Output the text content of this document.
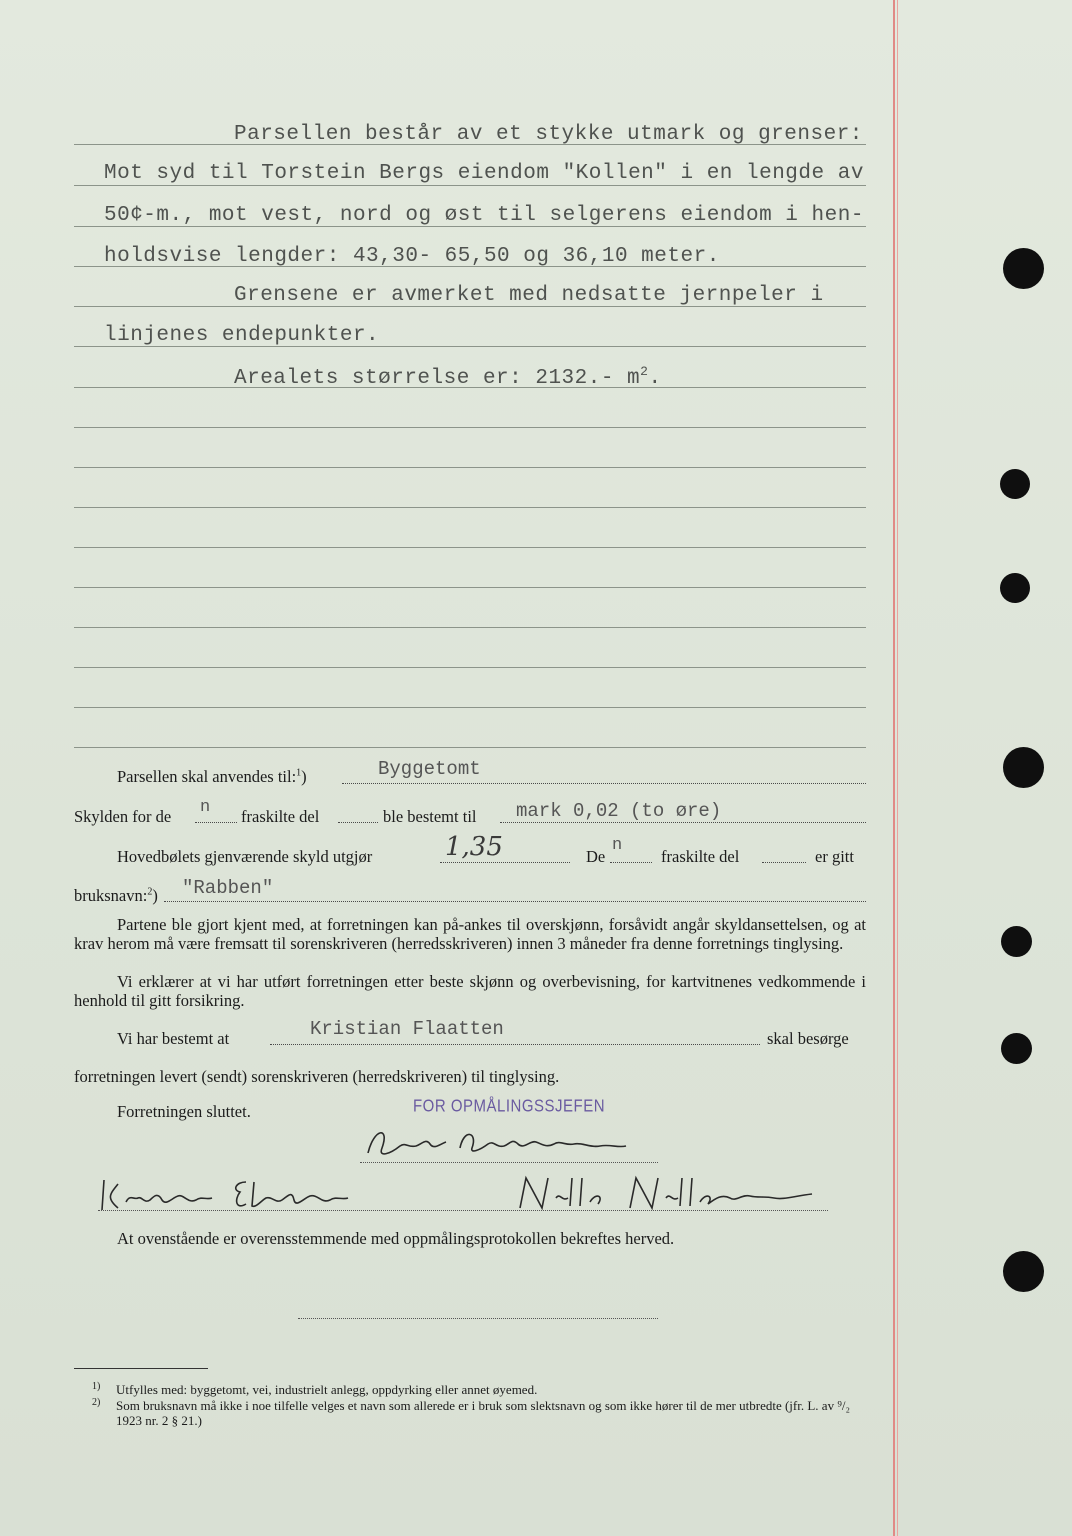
Parsellen består av et stykke utmark og grenser:
Mot syd til Torstein Bergs eiendom "Kollen" i en lengde av
50¢-m., mot vest, nord og øst til selgerens eiendom i hen-
holdsvise lengder: 43,30- 65,50 og 36,10 meter.
Grensene er avmerket med nedsatte jernpeler i
linjenes endepunkter.
Arealets størrelse er: 2132.- $m^2$.
Parsellen skal anvendes til:$^1$)	Byggetomt
Skylden for de n fraskilte del	ble bestemt til mark 0,02 (to øre)
Hovedbølets gjenværende skyld utgjør	1,35	De
n
fraskilte del	er gitt
bruksnavn:$^2$) "Rabben"
Partene ble gjort kjent med, at forretningen kan på-ankes til overskjønn, forsåvidt angår skyldansettelsen, og at krav herom må være fremsatt til sorenskriveren (herredsskriveren) innen 3 måneder fra denne forretnings tinglysing.
Vi erklærer at vi har utført forretningen etter beste skjønn og overbevisning, for kartvitnenes vedkommende i henhold til gitt forsikring.
Vi har bestemt at	Kristian Flaatten	skal besørge
forretningen levert (sendt) sorenskriveren (herredskriveren) til tinglysing.
Forretningen sluttet.	FOR OPMÅLINGSSJEFEN
At ovenstående er overensstemmende med oppmålingsprotokollen bekreftes herved.
1) Utfylles med: byggetomt, vei, industrielt anlegg, oppdyrking eller annet øyemed.
2) Som bruksnavn må ikke i noe tilfelle velges et navn som allerede er i bruk som slektsnavn og som ikke hører til de mer utbredte (jfr. L. av ⁹/₂ 1923 nr. 2 § 21.)
